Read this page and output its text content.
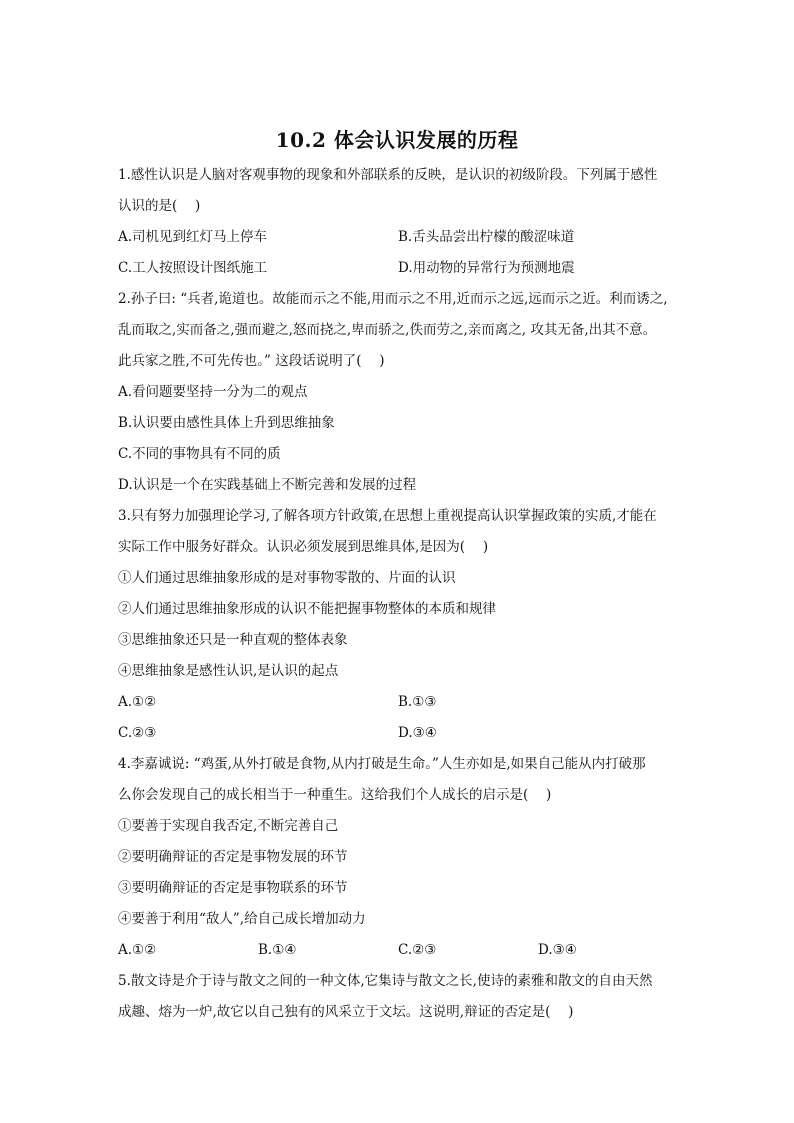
10.2 体会认识发展的历程
1.感性认识是人脑对客观事物的现象和外部联系的反映，是认识的初级阶段。下列属于感性
认识的是(　 )
A.司机见到红灯马上停车	B.舌头品尝出柠檬的酸涩味道
C.工人按照设计图纸施工	D.用动物的异常行为预测地震
2.孙子曰: “兵者,诡道也。故能而示之不能,用而示之不用,近而示之远,远而示之近。利而诱之,
乱而取之,实而备之,强而避之,怒而挠之,卑而骄之,佚而劳之,亲而离之, 攻其无备,出其不意。
此兵家之胜,不可先传也。” 这段话说明了(　 )
A.看问题要坚持一分为二的观点
B.认识要由感性具体上升到思维抽象
C.不同的事物具有不同的质
D.认识是一个在实践基础上不断完善和发展的过程
3.只有努力加强理论学习,了解各项方针政策,在思想上重视提高认识掌握政策的实质,才能在
实际工作中服务好群众。认识必须发展到思维具体,是因为(　 )
①人们通过思维抽象形成的是对事物零散的、片面的认识
②人们通过思维抽象形成的认识不能把握事物整体的本质和规律
③思维抽象还只是一种直观的整体表象
④思维抽象是感性认识,是认识的起点
A.①②	B.①③
C.②③	D.③④
4.李嘉诚说: “鸡蛋,从外打破是食物,从内打破是生命。”人生亦如是,如果自己能从内打破那
么你会发现自己的成长相当于一种重生。这给我们个人成长的启示是(　 )
①要善于实现自我否定,不断完善自己
②要明确辩证的否定是事物发展的环节
③要明确辩证的否定是事物联系的环节
④要善于利用“敌人”,给自己成长增加动力
A.①②	B.①④	C.②③	D.③④
5.散文诗是介于诗与散文之间的一种文体,它集诗与散文之长,使诗的素雅和散文的自由天然
成趣、熔为一炉,故它以自己独有的风采立于文坛。这说明,辩证的否定是(　 )
